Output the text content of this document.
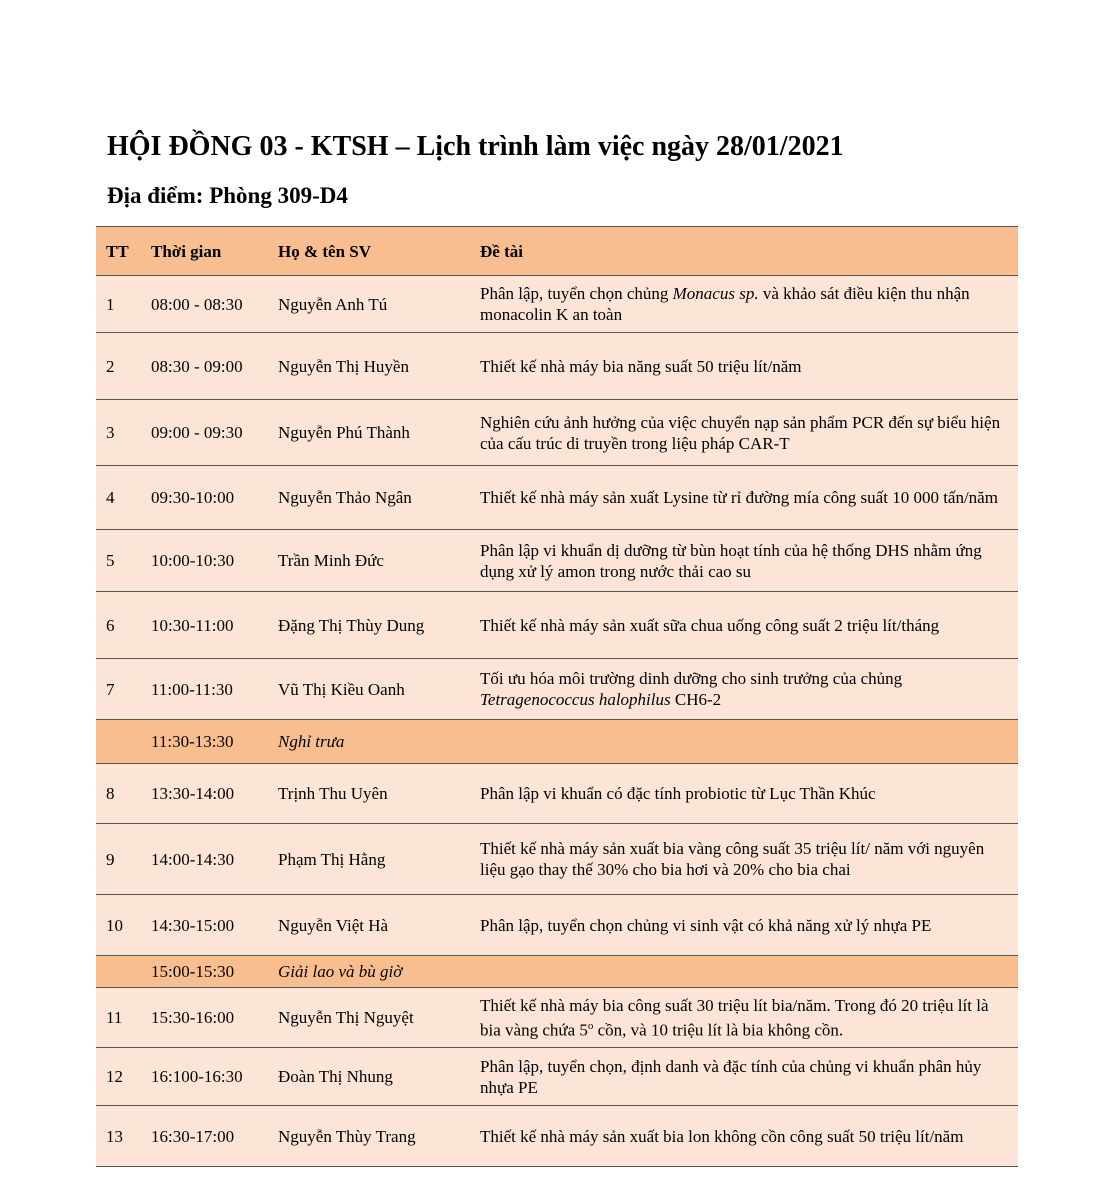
HỘI ĐỒNG 03 - KTSH – Lịch trình làm việc ngày 28/01/2021
Địa điểm: Phòng 309-D4
TT	Thời gian	Họ & tên SV	Đề tài
1	08:00 - 08:30	Nguyễn Anh Tú	Phân lập, tuyển chọn chủng Monacus sp. và khảo sát điều kiện thu nhận monacolin K an toàn
2	08:30 - 09:00	Nguyễn Thị Huyền	Thiết kế nhà máy bia năng suất 50 triệu lít/năm
3	09:00 - 09:30	Nguyễn Phú Thành	Nghiên cứu ảnh hưởng của việc chuyển nạp sản phẩm PCR đến sự biểu hiện của cấu trúc di truyền trong liệu pháp CAR-T
4	09:30-10:00	Nguyễn Thảo Ngân	Thiết kế nhà máy sản xuất Lysine từ rỉ đường mía công suất 10 000 tấn/năm
5	10:00-10:30	Trần Minh Đức	Phân lập vi khuẩn dị dưỡng từ bùn hoạt tính của hệ thống DHS nhằm ứng dụng xử lý amon trong nước thải cao su
6	10:30-11:00	Đặng Thị Thùy Dung	Thiết kế nhà máy sản xuất sữa chua uống công suất 2 triệu lít/tháng
7	11:00-11:30	Vũ Thị Kiều Oanh	Tối ưu hóa môi trường dinh dưỡng cho sinh trưởng của chủng Tetragenococcus halophilus CH6-2
	11:30-13:30	Nghỉ trưa	
8	13:30-14:00	Trịnh Thu Uyên	Phân lập vi khuẩn có đặc tính probiotic từ Lục Thần Khúc
9	14:00-14:30	Phạm Thị Hằng	Thiết kế nhà máy sản xuất bia vàng công suất 35 triệu lít/ năm với nguyên liệu gạo thay thế 30% cho bia hơi và 20% cho bia chai
10	14:30-15:00	Nguyễn Việt Hà	Phân lập, tuyển chọn chủng vi sinh vật có khả năng xử lý nhựa PE
	15:00-15:30	Giải lao và bù giờ	
11	15:30-16:00	Nguyễn Thị Nguyệt	Thiết kế nhà máy bia công suất 30 triệu lít bia/năm. Trong đó 20 triệu lít là bia vàng chứa 5$^o$ cồn, và 10 triệu lít là bia không cồn.
12	16:100-16:30	Đoàn Thị Nhung	Phân lập, tuyển chọn, định danh và đặc tính của chủng vi khuẩn phân hủy nhựa PE
13	16:30-17:00	Nguyễn Thùy Trang	Thiết kế nhà máy sản xuất bia lon không cồn công suất 50 triệu lít/năm
